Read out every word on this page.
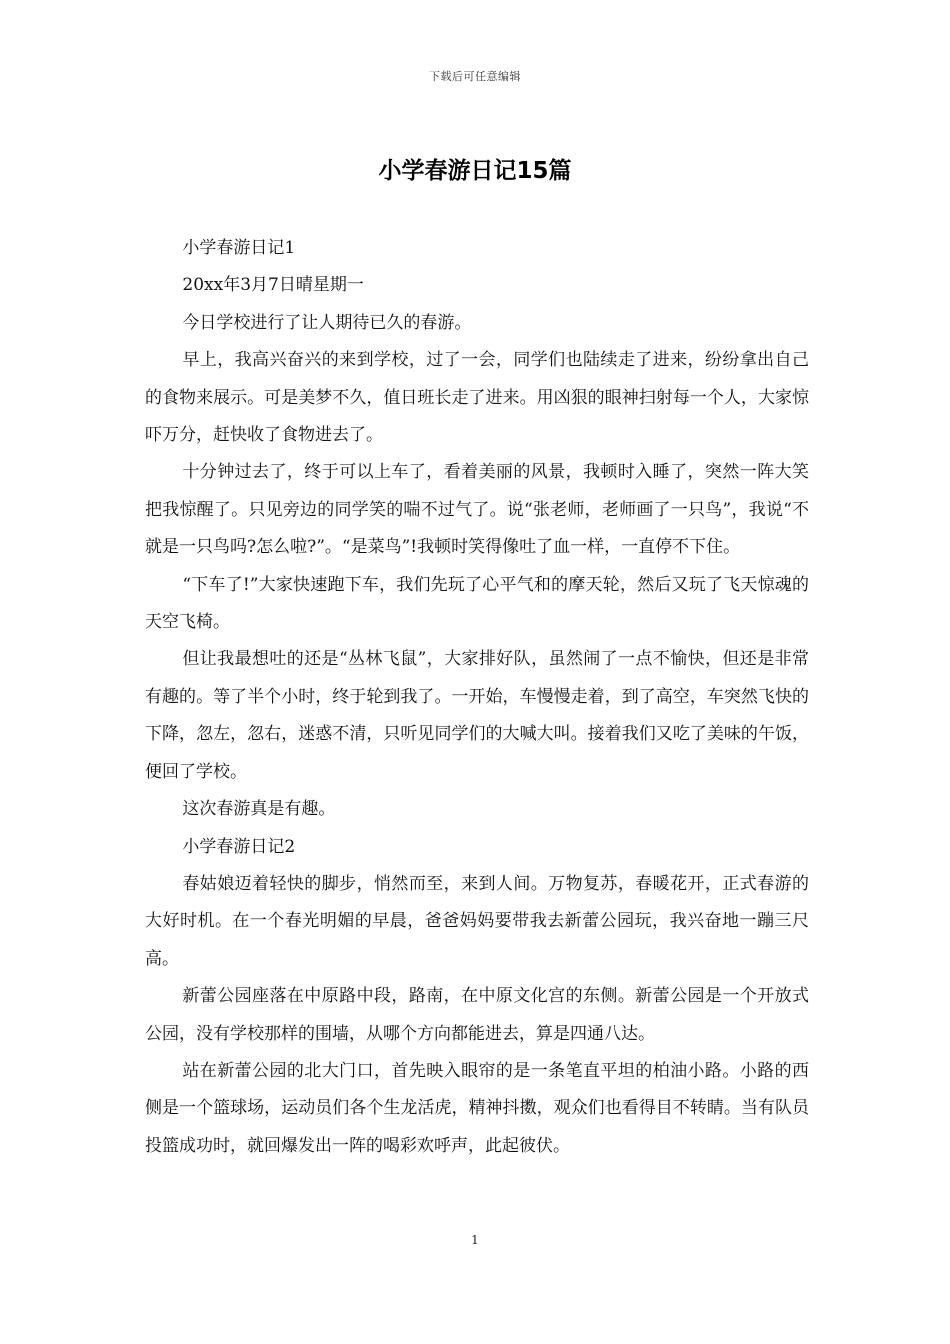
下载后可任意编辑
小学春游日记15篇

小学春游日记1

20xx年3月7日晴星期一

今日学校进行了让人期待已久的春游。

早上，我高兴奋兴的来到学校，过了一会，同学们也陆续走了进来，纷纷拿出自己的食物来展示。可是美梦不久，值日班长走了进来。用凶狠的眼神扫射每一个人，大家惊吓万分，赶快收了食物进去了。

十分钟过去了，终于可以上车了，看着美丽的风景，我顿时入睡了，突然一阵大笑把我惊醒了。只见旁边的同学笑的喘不过气了。说“张老师，老师画了一只鸟”，我说“不就是一只鸟吗?怎么啦?”。“是菜鸟”!我顿时笑得像吐了血一样，一直停不下住。

“下车了!”大家快速跑下车，我们先玩了心平气和的摩天轮，然后又玩了飞天惊魂的天空飞椅。

但让我最想吐的还是“丛林飞鼠”，大家排好队，虽然闹了一点不愉快，但还是非常有趣的。等了半个小时，终于轮到我了。一开始，车慢慢走着，到了高空，车突然飞快的下降，忽左，忽右，迷惑不清，只听见同学们的大喊大叫。接着我们又吃了美味的午饭，便回了学校。

这次春游真是有趣。

小学春游日记2

春姑娘迈着轻快的脚步，悄然而至，来到人间。万物复苏，春暖花开，正式春游的大好时机。在一个春光明媚的早晨，爸爸妈妈要带我去新蕾公园玩，我兴奋地一蹦三尺高。

新蕾公园座落在中原路中段，路南，在中原文化宫的东侧。新蕾公园是一个开放式公园，没有学校那样的围墙，从哪个方向都能进去，算是四通八达。

站在新蕾公园的北大门口，首先映入眼帘的是一条笔直平坦的柏油小路。小路的西侧是一个篮球场，运动员们各个生龙活虎，精神抖擞，观众们也看得目不转睛。当有队员投篮成功时，就回爆发出一阵的喝彩欢呼声，此起彼伏。

1
